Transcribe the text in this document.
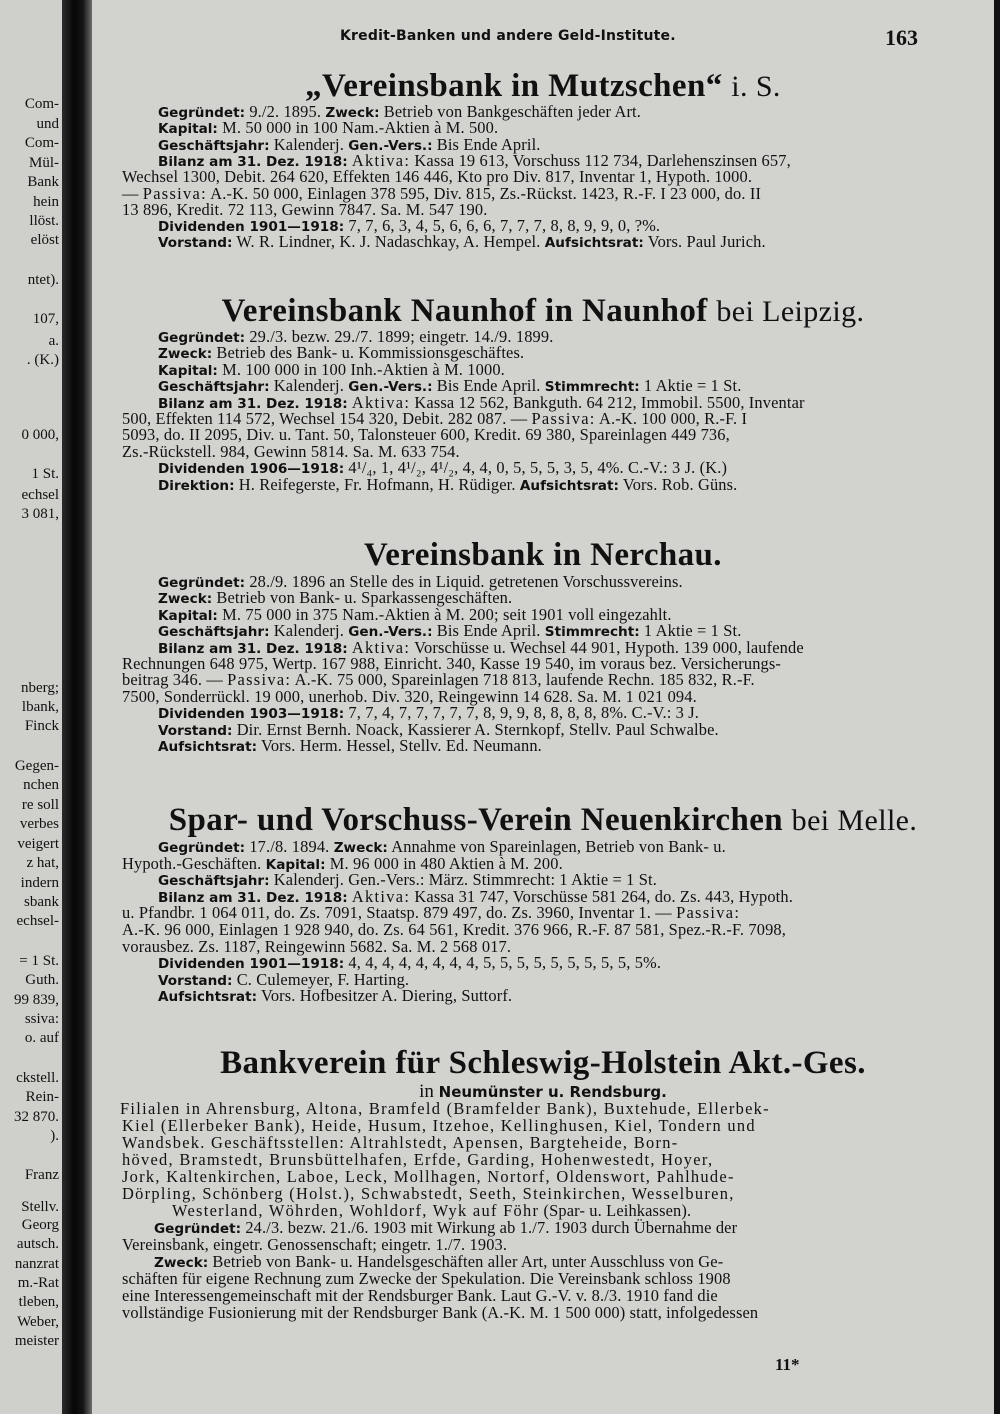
Com-
und
Com-
Mül-
Bank
hein
llöst.
elöst
ntet).
107,
a.
. (K.)
0 000,
1 St.
echsel
3 081,
nberg;
lbank,
Finck
Gegen-
nchen
re soll
verbes
veigert
z hat,
indern
sbank
echsel-
= 1 St.
Guth.
99 839,
ssiva:
o. auf
ckstell.
Rein-
32 870.
).
Franz
Stellv.
Georg
autsch.
nanzrat
m.-Rat
tleben,
Weber,
meister
Kredit-Banken und andere Geld-Institute.	163
„Vereinsbank in Mutzschen“ i. S.
Gegründet: 9./2. 1895. Zweck: Betrieb von Bankgeschäften jeder Art.
Kapital: M. 50 000 in 100 Nam.-Aktien à M. 500.
Geschäftsjahr: Kalenderj. Gen.-Vers.: Bis Ende April.
Bilanz am 31. Dez. 1918: Aktiva: Kassa 19 613, Vorschuss 112 734, Darlehenszinsen 657,
Wechsel 1300, Debit. 264 620, Effekten 146 446, Kto pro Div. 817, Inventar 1, Hypoth. 1000.
— Passiva: A.-K. 50 000, Einlagen 378 595, Div. 815, Zs.-Rückst. 1423, R.-F. I 23 000, do. II
13 896, Kredit. 72 113, Gewinn 7847. Sa. M. 547 190.
Dividenden 1901—1918: 7, 7, 6, 3, 4, 5, 6, 6, 6, 7, 7, 7, 8, 8, 9, 9, 0, ?%.
Vorstand: W. R. Lindner, K. J. Nadaschkay, A. Hempel. Aufsichtsrat: Vors. Paul Jurich.
Vereinsbank Naunhof in Naunhof bei Leipzig.
Gegründet: 29./3. bezw. 29./7. 1899; eingetr. 14./9. 1899.
Zweck: Betrieb des Bank- u. Kommissionsgeschäftes.
Kapital: M. 100 000 in 100 Inh.-Aktien à M. 1000.
Geschäftsjahr: Kalenderj. Gen.-Vers.: Bis Ende April. Stimmrecht: 1 Aktie = 1 St.
Bilanz am 31. Dez. 1918: Aktiva: Kassa 12 562, Bankguth. 64 212, Immobil. 5500, Inventar
500, Effekten 114 572, Wechsel 154 320, Debit. 282 087. — Passiva: A.-K. 100 000, R.-F. I
5093, do. II 2095, Div. u. Tant. 50, Talonsteuer 600, Kredit. 69 380, Spareinlagen 449 736,
Zs.-Rückstell. 984, Gewinn 5814. Sa. M. 633 754.
Dividenden 1906—1918: 4¹/₄, 1, 4¹/₂, 4¹/₂, 4, 4, 0, 5, 5, 5, 3, 5, 4%. C.-V.: 3 J. (K.)
Direktion: H. Reifegerste, Fr. Hofmann, H. Rüdiger. Aufsichtsrat: Vors. Rob. Güns.
Vereinsbank in Nerchau.
Gegründet: 28./9. 1896 an Stelle des in Liquid. getretenen Vorschussvereins.
Zweck: Betrieb von Bank- u. Sparkassengeschäften.
Kapital: M. 75 000 in 375 Nam.-Aktien à M. 200; seit 1901 voll eingezahlt.
Geschäftsjahr: Kalenderj. Gen.-Vers.: Bis Ende April. Stimmrecht: 1 Aktie = 1 St.
Bilanz am 31. Dez. 1918: Aktiva: Vorschüsse u. Wechsel 44 901, Hypoth. 139 000, laufende
Rechnungen 648 975, Wertp. 167 988, Einricht. 340, Kasse 19 540, im voraus bez. Versicherungs-
beitrag 346. — Passiva: A.-K. 75 000, Spareinlagen 718 813, laufende Rechn. 185 832, R.-F.
7500, Sonderrückl. 19 000, unerhob. Div. 320, Reingewinn 14 628. Sa. M. 1 021 094.
Dividenden 1903—1918: 7, 7, 4, 7, 7, 7, 7, 7, 8, 9, 9, 8, 8, 8, 8, 8%. C.-V.: 3 J.
Vorstand: Dir. Ernst Bernh. Noack, Kassierer A. Sternkopf, Stellv. Paul Schwalbe.
Aufsichtsrat: Vors. Herm. Hessel, Stellv. Ed. Neumann.
Spar- und Vorschuss-Verein Neuenkirchen bei Melle.
Gegründet: 17./8. 1894. Zweck: Annahme von Spareinlagen, Betrieb von Bank- u.
Hypoth.-Geschäften. Kapital: M. 96 000 in 480 Aktien à M. 200.
Geschäftsjahr: Kalenderj. Gen.-Vers.: März. Stimmrecht: 1 Aktie = 1 St.
Bilanz am 31. Dez. 1918: Aktiva: Kassa 31 747, Vorschüsse 581 264, do. Zs. 443, Hypoth.
u. Pfandbr. 1 064 011, do. Zs. 7091, Staatsp. 879 497, do. Zs. 3960, Inventar 1. — Passiva:
A.-K. 96 000, Einlagen 1 928 940, do. Zs. 64 561, Kredit. 376 966, R.-F. 87 581, Spez.-R.-F. 7098,
vorausbez. Zs. 1187, Reingewinn 5682. Sa. M. 2 568 017.
Dividenden 1901—1918: 4, 4, 4, 4, 4, 4, 4, 4, 5, 5, 5, 5, 5, 5, 5, 5, 5, 5%.
Vorstand: C. Culemeyer, F. Harting.
Aufsichtsrat: Vors. Hofbesitzer A. Diering, Suttorf.
Bankverein für Schleswig-Holstein Akt.-Ges.
in Neumünster u. Rendsburg.
Filialen in Ahrensburg, Altona, Bramfeld (Bramfelder Bank), Buxtehude, Ellerbek-
Kiel (Ellerbeker Bank), Heide, Husum, Itzehoe, Kellinghusen, Kiel, Tondern und
Wandsbek. Geschäftsstellen: Altrahlstedt, Apensen, Bargteheide, Born-
höved, Bramstedt, Brunsbüttelhafen, Erfde, Garding, Hohenwestedt, Hoyer,
Jork, Kaltenkirchen, Laboe, Leck, Mollhagen, Nortorf, Oldenswort, Pahlhude-
Dörpling, Schönberg (Holst.), Schwabstedt, Seeth, Steinkirchen, Wesselburen,
Westerland, Wöhrden, Wohldorf, Wyk auf Föhr (Spar- u. Leihkassen).
Gegründet: 24./3. bezw. 21./6. 1903 mit Wirkung ab 1./7. 1903 durch Übernahme der
Vereinsbank, eingetr. Genossenschaft; eingetr. 1./7. 1903.
Zweck: Betrieb von Bank- u. Handelsgeschäften aller Art, unter Ausschluss von Ge-
schäften für eigene Rechnung zum Zwecke der Spekulation. Die Vereinsbank schloss 1908
eine Interessengemeinschaft mit der Rendsburger Bank. Laut G.-V. v. 8./3. 1910 fand die
vollständige Fusionierung mit der Rendsburger Bank (A.-K. M. 1 500 000) statt, infolgedessen
11*
